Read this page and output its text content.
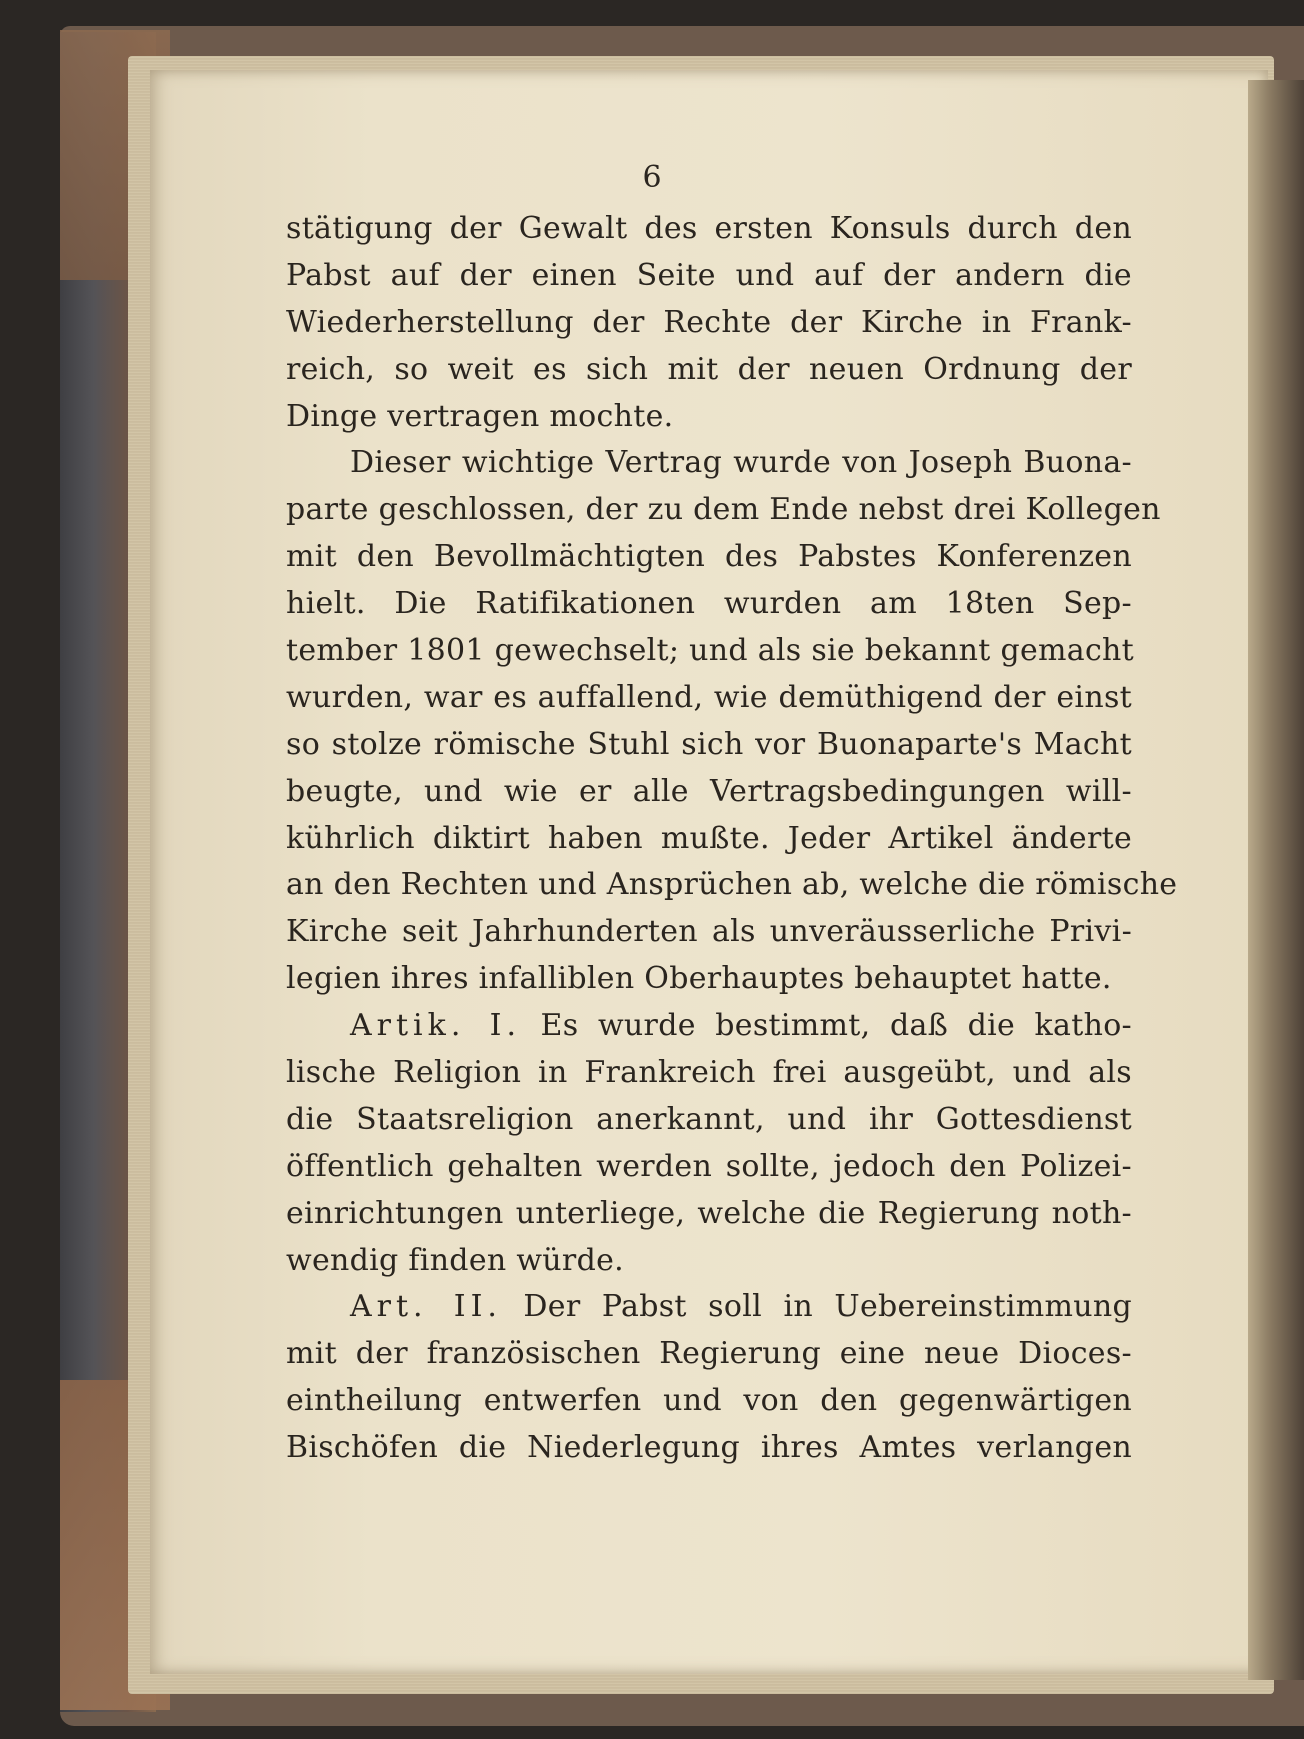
6

stätigung der Gewalt des ersten Konsuls durch den
Pabst auf der einen Seite und auf der andern die
Wiederherstellung der Rechte der Kirche in Frank-
reich, so weit es sich mit der neuen Ordnung der
Dinge vertragen mochte.
Dieser wichtige Vertrag wurde von Joseph Buona-
parte geschlossen, der zu dem Ende nebst drei Kollegen
mit den Bevollmächtigten des Pabstes Konferenzen
hielt. Die Ratifikationen wurden am 18ten Sep-
tember 1801 gewechselt; und als sie bekannt gemacht
wurden, war es auffallend, wie demüthigend der einst
so stolze römische Stuhl sich vor Buonaparte's Macht
beugte, und wie er alle Vertragsbedingungen will-
kührlich diktirt haben mußte. Jeder Artikel änderte
an den Rechten und Ansprüchen ab, welche die römische
Kirche seit Jahrhunderten als unveräusserliche Privi-
legien ihres infalliblen Oberhauptes behauptet hatte.
Artik. I. Es wurde bestimmt, daß die katho-
lische Religion in Frankreich frei ausgeübt, und als
die Staatsreligion anerkannt, und ihr Gottesdienst
öffentlich gehalten werden sollte, jedoch den Polizei-
einrichtungen unterliege, welche die Regierung noth-
wendig finden würde.
Art. II. Der Pabst soll in Uebereinstimmung
mit der französischen Regierung eine neue Dioces-
eintheilung entwerfen und von den gegenwärtigen
Bischöfen die Niederlegung ihres Amtes verlangen
